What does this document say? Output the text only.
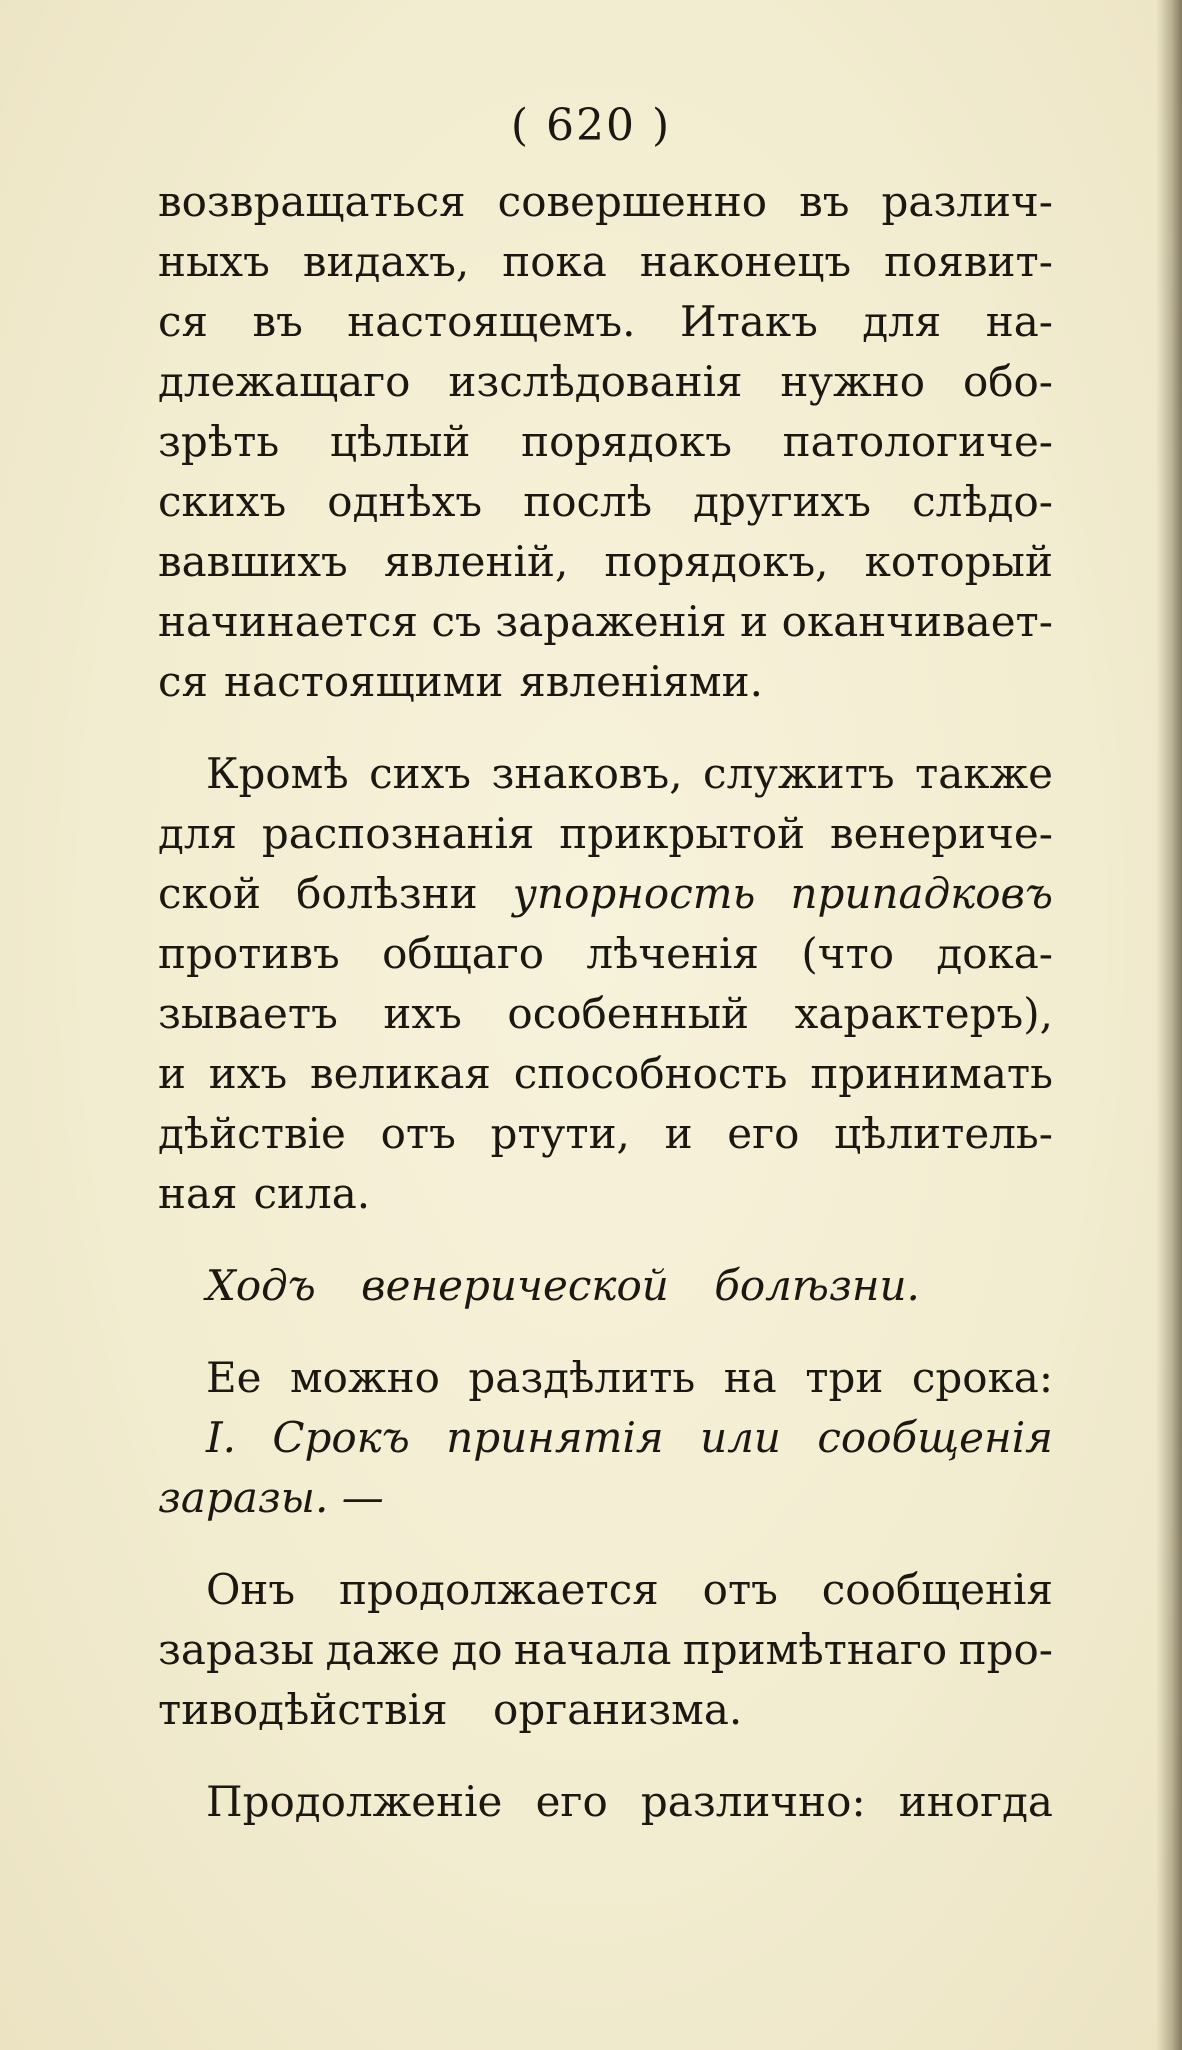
( 620 )
возвращаться совершенно въ различ-
ныхъ видахъ, пока наконецъ появит-
ся въ настоящемъ. Итакъ для на-
длежащаго изслѣдованія нужно обо-
зрѣть цѣлый порядокъ патологиче-
скихъ однѣхъ послѣ другихъ слѣдо-
вавшихъ явленій, порядокъ, который
начинается съ зараженія и оканчивает-
ся настоящими явленіями.
Кромѣ сихъ знаковъ, служитъ также
для распознанія прикрытой венериче-
ской болѣзни упорность припадковъ
противъ общаго лѣченія (что дока-
зываетъ ихъ особенный характеръ),
и ихъ великая способность принимать
дѣйствіе отъ ртути, и его цѣлитель-
ная сила.
Ходъ
венерической
болѣзни.
Ее можно раздѣлить на три срока:
I. Срокъ принятія или сообщенія
заразы. —
Онъ продолжается отъ сообщенія
заразы даже до начала примѣтнаго про-
тиводѣйствія
организма.
Продолженіе его различно: иногда
